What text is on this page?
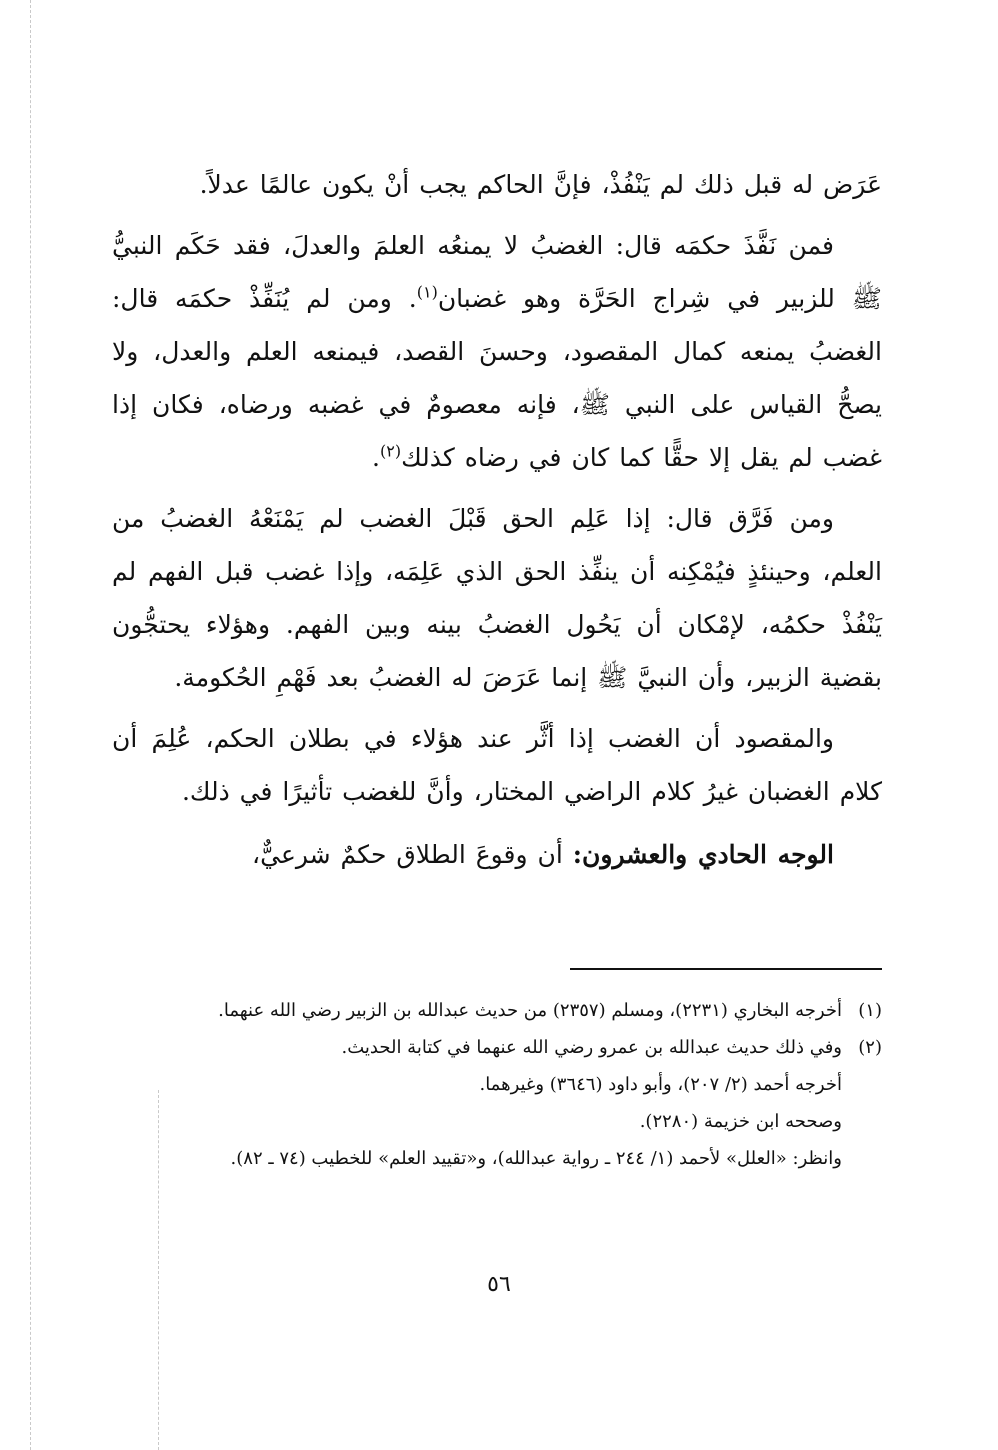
عَرَض له قبل ذلك لم يَنْفُذْ، فإنَّ الحاكم يجب أنْ يكون عالمًا عدلاً.

فمن نَفَّذَ حكمَه قال: الغضبُ لا يمنعُه العلمَ والعدلَ، فقد حَكَم النبيُّ ﷺ للزبير في شِراج الحَرَّة وهو غضبان$^{(١)}$. ومن لم يُنَفِّذْ حكمَه قال: الغضبُ يمنعه كمال المقصود، وحسنَ القصد، فيمنعه العلم والعدل، ولا يصحُّ القياس على النبي ﷺ، فإنه معصومٌ في غضبه ورضاه، فكان إذا غضب لم يقل إلا حقًّا كما كان في رضاه كذلك$^{(٢)}$.

ومن فَرَّق قال: إذا عَلِم الحق قَبْلَ الغضب لم يَمْنَعْهُ الغضبُ من العلم، وحينئذٍ فيُمْكِنه أن ينفِّذ الحق الذي عَلِمَه، وإذا غضب قبل الفهم لم يَنْفُذْ حكمُه، لإمْكان أن يَحُول الغضبُ بينه وبين الفهم. وهؤلاء يحتجُّون بقضية الزبير، وأن النبيَّ ﷺ إنما عَرَضَ له الغضبُ بعد فَهْمِ الحُكومة.

والمقصود أن الغضب إذا أثَّر عند هؤلاء في بطلان الحكم، عُلِمَ أن كلام الغضبان غيرُ كلام الراضي المختار، وأنَّ للغضب تأثيرًا في ذلك.

الوجه الحادي والعشرون: أن وقوعَ الطلاق حكمٌ شرعيٌّ،

(١)
أخرجه البخاري (٢٢٣١)، ومسلم (٢٣٥٧) من حديث عبدالله بن الزبير رضي الله عنهما.
(٢)
وفي ذلك حديث عبدالله بن عمرو رضي الله عنهما في كتابة الحديث.
أخرجه أحمد (٢/ ٢٠٧)، وأبو داود (٣٦٤٦) وغيرهما.
وصححه ابن خزيمة (٢٢٨٠).
وانظر: «العلل» لأحمد (١/ ٢٤٤ ـ رواية عبدالله)، و«تقييد العلم» للخطيب (٧٤ ـ ٨٢).
٥٦
